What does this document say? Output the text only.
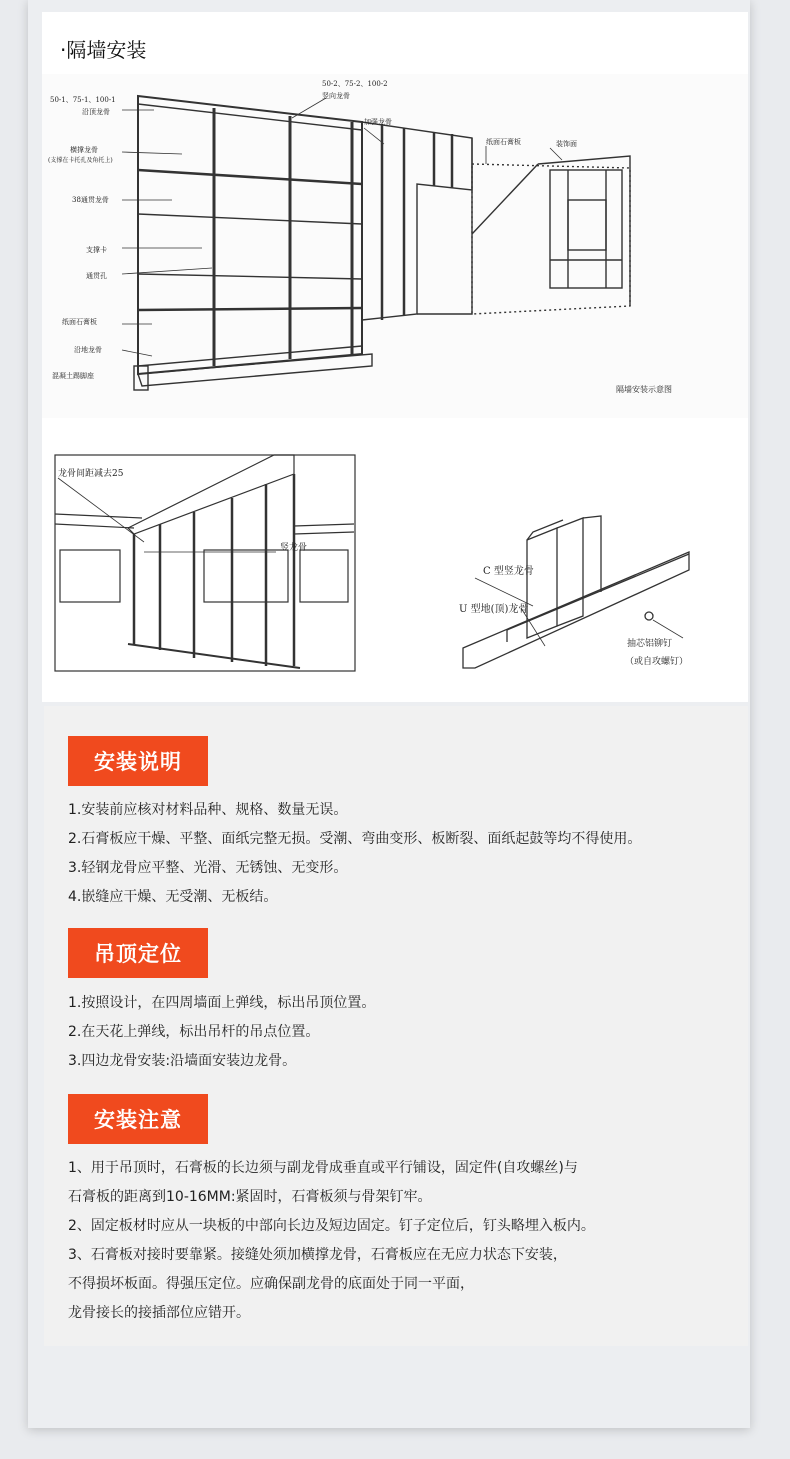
·隔墙安装
50-1、75-1、100-1
沿顶龙骨
横撑龙骨
(支撑在卡托孔及角托上)
38通贯龙骨
支撑卡
通贯孔
纸面石膏板
沿地龙骨
混凝土踢脚座
50-2、75-2、100-2
竖向龙骨
加强龙骨
纸面石膏板	装饰面
隔墙安装示意图
龙骨间距减去25
竖龙骨
C 型竖龙骨
U 型地(顶)龙骨
抽芯铝铆钉
（或自攻螺钉）
安装说明
1.安装前应核对材料品种、规格、数量无误。
2.石膏板应干燥、平整、面纸完整无损。受潮、弯曲变形、板断裂、面纸起鼓等均不得使用。
3.轻钢龙骨应平整、光滑、无锈蚀、无变形。
4.嵌缝应干燥、无受潮、无板结。
吊顶定位
1.按照设计，在四周墙面上弹线，标出吊顶位置。
2.在天花上弹线，标出吊杆的吊点位置。
3.四边龙骨安装:沿墙面安装边龙骨。
安装注意
1、用于吊顶时，石膏板的长边须与副龙骨成垂直或平行铺设，固定件(自攻螺丝)与
石膏板的距离到10-16MM:紧固时，石膏板须与骨架钉牢。
2、固定板材时应从一块板的中部向长边及短边固定。钉子定位后，钉头略埋入板内。
3、石膏板对接时要靠紧。接缝处须加横撑龙骨，石膏板应在无应力状态下安装，
不得损坏板面。得强压定位。应确保副龙骨的底面处于同一平面，
龙骨接长的接插部位应错开。
